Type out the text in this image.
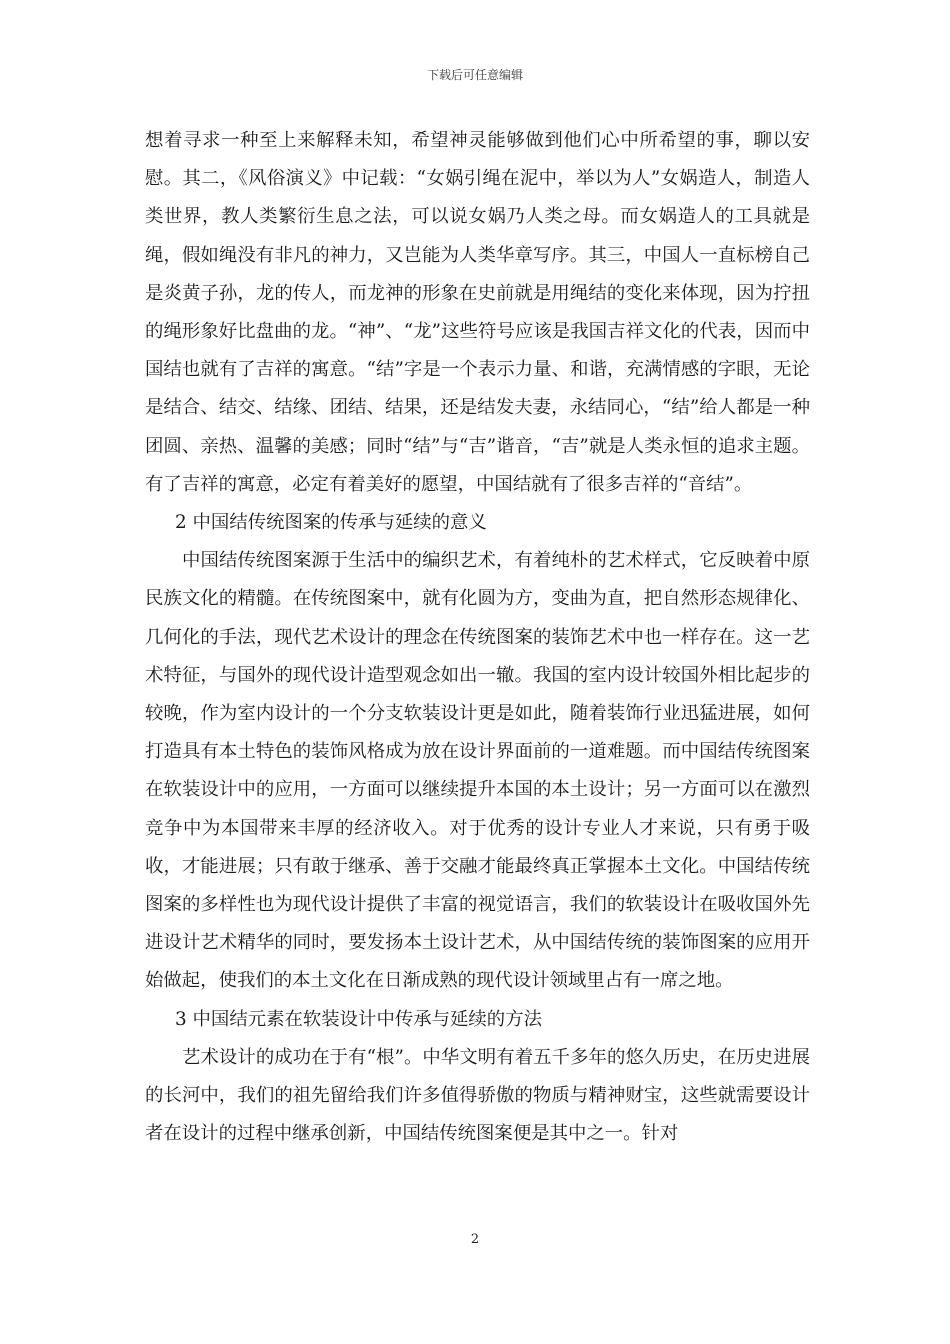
下载后可任意编辑

想着寻求一种至上来解释未知，希望神灵能够做到他们心中所希望的事，聊以安慰。其二，《风俗演义》中记载：“女娲引绳在泥中，举以为人”女娲造人，制造人类世界，教人类繁衍生息之法，可以说女娲乃人类之母。而女娲造人的工具就是绳，假如绳没有非凡的神力，又岂能为人类华章写序。其三，中国人一直标榜自己是炎黄子孙，龙的传人，而龙神的形象在史前就是用绳结的变化来体现，因为拧扭的绳形象好比盘曲的龙。“神”、“龙”这些符号应该是我国吉祥文化的代表，因而中国结也就有了吉祥的寓意。“结”字是一个表示力量、和谐，充满情感的字眼，无论是结合、结交、结缘、团结、结果，还是结发夫妻，永结同心，“结”给人都是一种团圆、亲热、温馨的美感；同时“结”与“吉”谐音，“吉”就是人类永恒的追求主题。有了吉祥的寓意，必定有着美好的愿望，中国结就有了很多吉祥的“音结”。

2 中国结传统图案的传承与延续的意义

中国结传统图案源于生活中的编织艺术，有着纯朴的艺术样式，它反映着中原民族文化的精髓。在传统图案中，就有化圆为方，变曲为直，把自然形态规律化、几何化的手法，现代艺术设计的理念在传统图案的装饰艺术中也一样存在。这一艺术特征，与国外的现代设计造型观念如出一辙。我国的室内设计较国外相比起步的较晚，作为室内设计的一个分支软装设计更是如此，随着装饰行业迅猛进展，如何打造具有本土特色的装饰风格成为放在设计界面前的一道难题。而中国结传统图案在软装设计中的应用，一方面可以继续提升本国的本土设计；另一方面可以在激烈竞争中为本国带来丰厚的经济收入。对于优秀的设计专业人才来说，只有勇于吸收，才能进展；只有敢于继承、善于交融才能最终真正掌握本土文化。中国结传统图案的多样性也为现代设计提供了丰富的视觉语言，我们的软装设计在吸收国外先进设计艺术精华的同时，要发扬本土设计艺术，从中国结传统的装饰图案的应用开始做起，使我们的本土文化在日渐成熟的现代设计领域里占有一席之地。

3 中国结元素在软装设计中传承与延续的方法

艺术设计的成功在于有“根”。中华文明有着五千多年的悠久历史，在历史进展的长河中，我们的祖先留给我们许多值得骄傲的物质与精神财宝，这些就需要设计者在设计的过程中继承创新，中国结传统图案便是其中之一。针对

2
